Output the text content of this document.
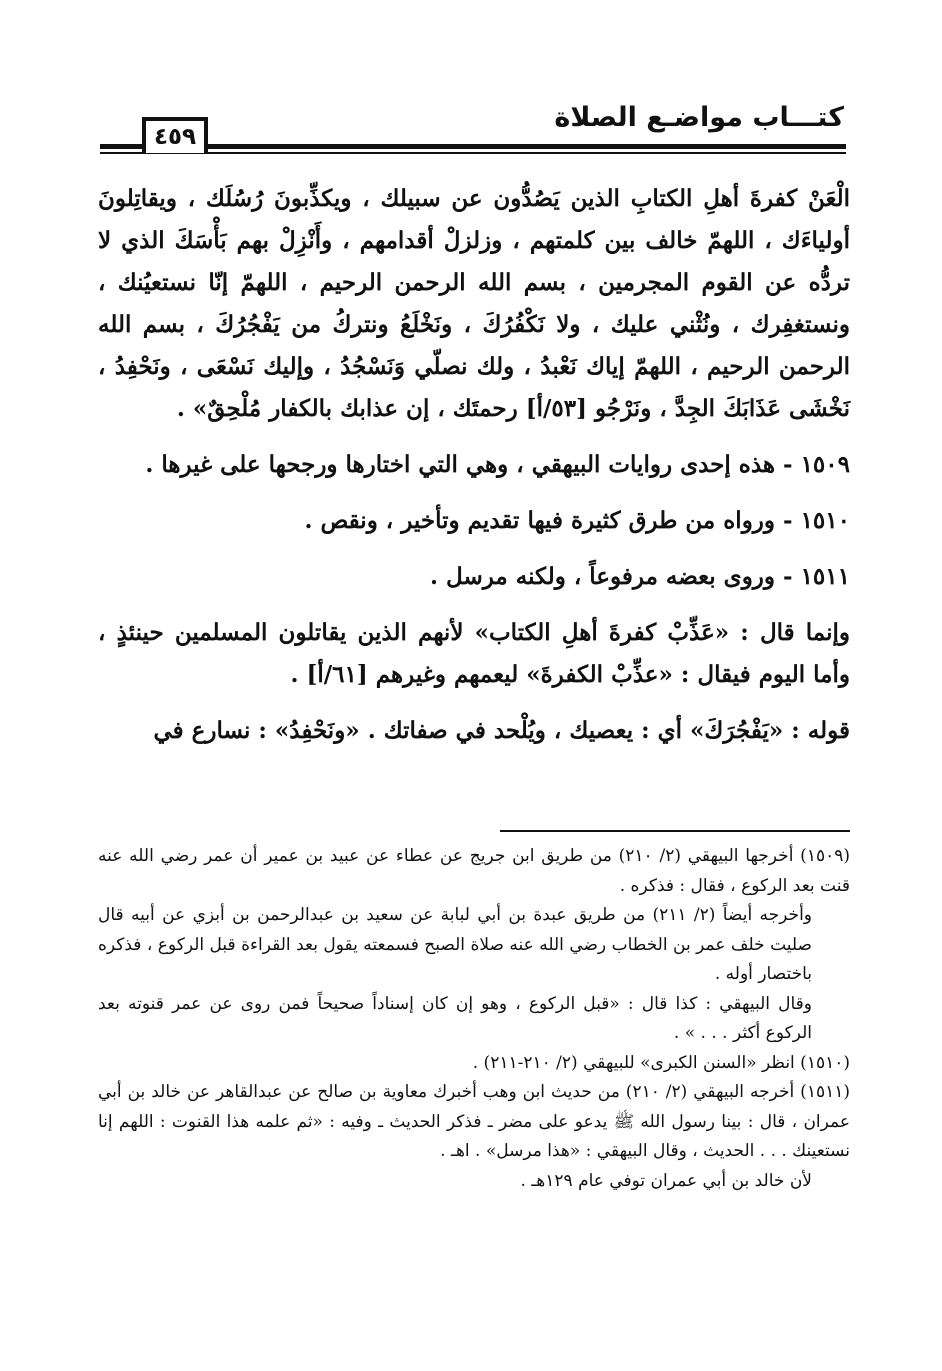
كتـــاب مواضـع الصلاة
٤٥٩

الْعَنْ كفرةَ أهلِ الكتابِ الذين يَصُدُّون عن سبيلك ، ويكذِّبونَ رُسُلَك ، ويقاتِلونَ أولياءَك ، اللهمّ خالف بين كلمتهم ، وزلزلْ أقدامهم ، وأَنْزِلْ بهم بَأْسَكَ الذي لا تردُّه عن القوم المجرمين ، بسم الله الرحمن الرحيم ، اللهمّ إنّا نستعيُنك ، ونستغفِرك ، ونُثْني عليك ، ولا نَكْفُرُكَ ، ونَخْلَعُ ونتركُ من يَفْجُرُكَ ، بسم الله الرحمن الرحيم ، اللهمّ إياك نَعْبدُ ، ولك نصلّي وَنَسْجُدُ ، وإليك نَسْعَى ، ونَحْفِدُ ، نَخْشَى عَذَابَكَ الجِدَّ ، ونَرْجُو [٥٣/أ] رحمتَك ، إن عذابك بالكفار مُلْحِقٌ» .

١٥٠٩ - هذه إحدى روايات البيهقي ، وهي التي اختارها ورجحها على غيرها .

١٥١٠ - ورواه من طرق كثيرة فيها تقديم وتأخير ، ونقص .

١٥١١ - وروى بعضه مرفوعاً ، ولكنه مرسل .

وإنما قال : «عَذِّبْ كفرةَ أهلِ الكتاب» لأنهم الذين يقاتلون المسلمين حينئذٍ ، وأما اليوم فيقال : «عذِّبْ الكفرةَ» ليعمهم وغيرهم [٦١/أ] .

قوله : «يَفْجُرَكَ» أي : يعصيك ، ويُلْحد في صفاتك . «ونَحْفِدُ» : نسارع في

(١٥٠٩) أخرجها البيهقي (٢/ ٢١٠) من طريق ابن جريج عن عطاء عن عبيد بن عمير أن عمر رضي الله عنه قنت بعد الركوع ، فقال : فذكره .

وأخرجه أيضاً (٢/ ٢١١) من طريق عبدة بن أبي لبابة عن سعيد بن عبدالرحمن بن أبزي عن أبيه قال صليت خلف عمر بن الخطاب رضي الله عنه صلاة الصبح فسمعته يقول بعد القراءة قبل الركوع ، فذكره باختصار أوله .

وقال البيهقي : كذا قال : «قبل الركوع ، وهو إن كان إسناداً صحيحاً فمن روى عن عمر قنوته بعد الركوع أكثر . . . » .

(١٥١٠) انظر «السنن الكبرى» للبيهقي (٢/ ٢١٠-٢١١) .

(١٥١١) أخرجه البيهقي (٢/ ٢١٠) من حديث ابن وهب أخبرك معاوية بن صالح عن عبدالقاهر عن خالد بن أبي عمران ، قال : بينا رسول الله ﷺ يدعو على مضر ـ فذكر الحديث ـ وفيه : «ثم علمه هذا القنوت : اللهم إنا نستعينك . . . الحديث ، وقال البيهقي : «هذا مرسل» . اهـ .

لأن خالد بن أبي عمران توفي عام ١٢٩هـ .
